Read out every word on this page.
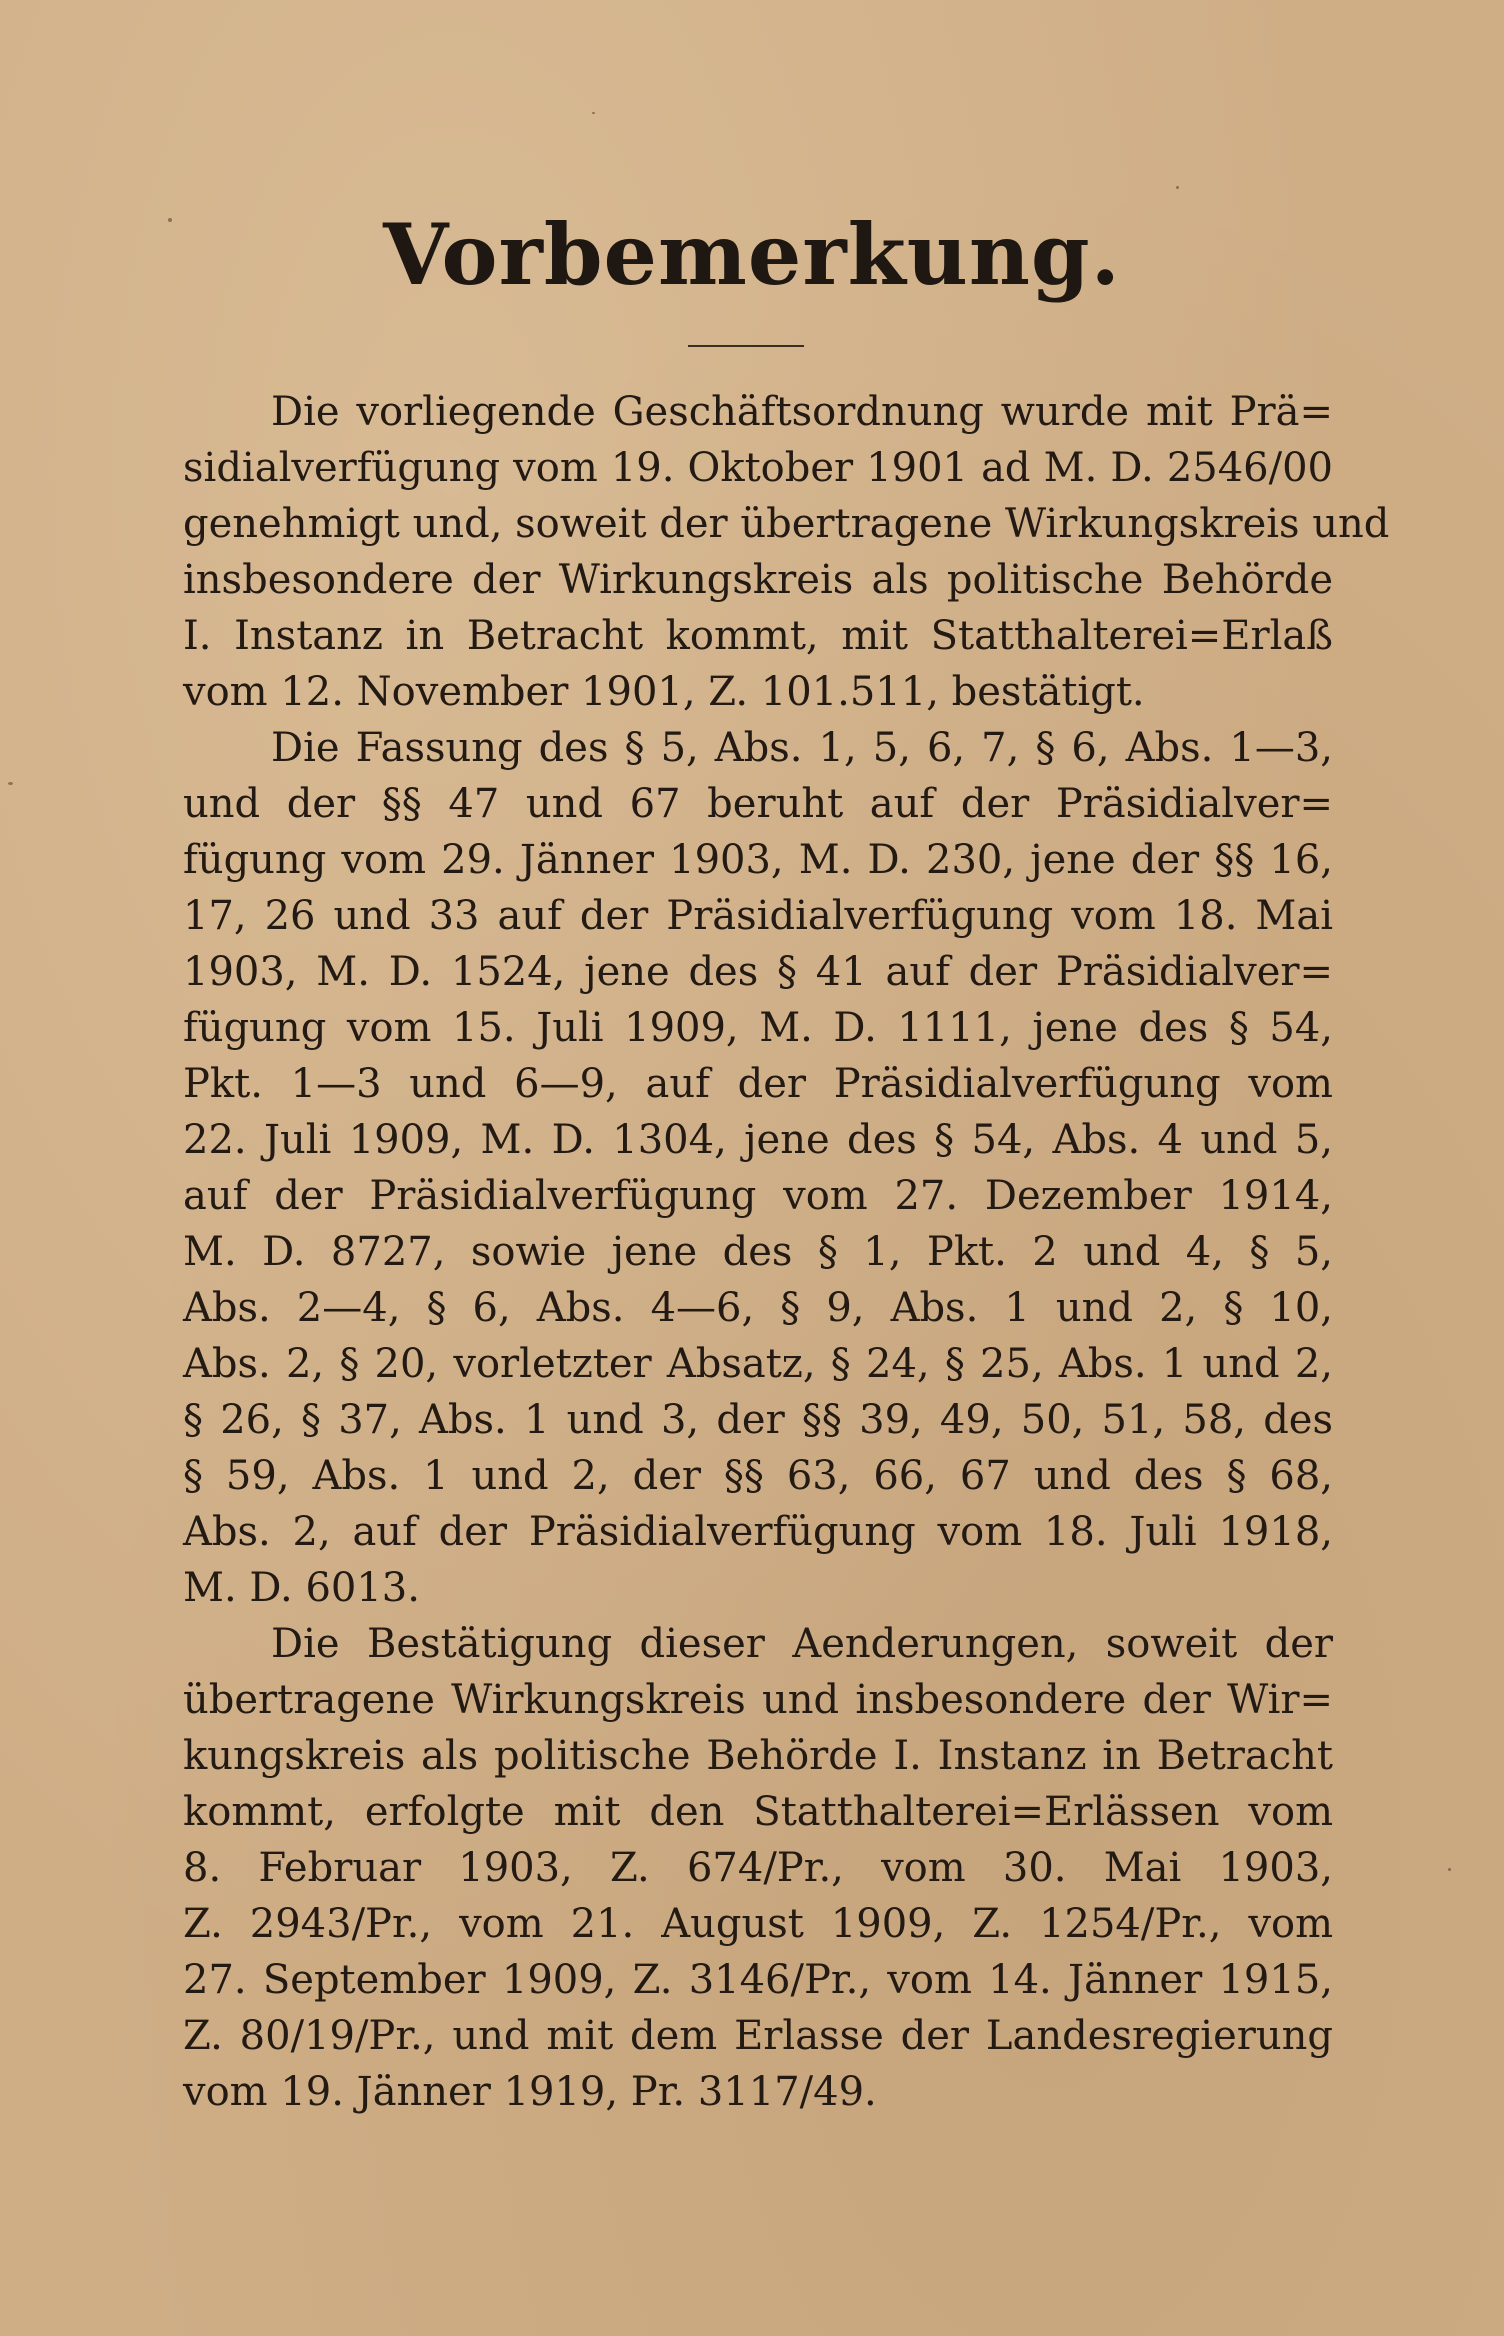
Vorbemerkung.
Die vorliegende Geschäftsordnung wurde mit Prä=
sidialverfügung vom 19. Oktober 1901 ad M. D. 2546/00
genehmigt und, soweit der übertragene Wirkungskreis und
insbesondere der Wirkungskreis als politische Behörde
I. Instanz in Betracht kommt, mit Statthalterei=Erlaß
vom 12. November 1901, Z. 101.511, bestätigt.
Die Fassung des § 5, Abs. 1, 5, 6, 7, § 6, Abs. 1—3,
und der §§ 47 und 67 beruht auf der Präsidialver=
fügung vom 29. Jänner 1903, M. D. 230, jene der §§ 16,
17, 26 und 33 auf der Präsidialverfügung vom 18. Mai
1903, M. D. 1524, jene des § 41 auf der Präsidialver=
fügung vom 15. Juli 1909, M. D. 1111, jene des § 54,
Pkt. 1—3 und 6—9, auf der Präsidialverfügung vom
22. Juli 1909, M. D. 1304, jene des § 54, Abs. 4 und 5,
auf der Präsidialverfügung vom 27. Dezember 1914,
M. D. 8727, sowie jene des § 1, Pkt. 2 und 4, § 5,
Abs. 2—4, § 6, Abs. 4—6, § 9, Abs. 1 und 2, § 10,
Abs. 2, § 20, vorletzter Absatz, § 24, § 25, Abs. 1 und 2,
§ 26, § 37, Abs. 1 und 3, der §§ 39, 49, 50, 51, 58, des
§ 59, Abs. 1 und 2, der §§ 63, 66, 67 und des § 68,
Abs. 2, auf der Präsidialverfügung vom 18. Juli 1918,
M. D. 6013.
Die Bestätigung dieser Aenderungen, soweit der
übertragene Wirkungskreis und insbesondere der Wir=
kungskreis als politische Behörde I. Instanz in Betracht
kommt, erfolgte mit den Statthalterei=Erlässen vom
8. Februar 1903, Z. 674/Pr., vom 30. Mai 1903,
Z. 2943/Pr., vom 21. August 1909, Z. 1254/Pr., vom
27. September 1909, Z. 3146/Pr., vom 14. Jänner 1915,
Z. 80/19/Pr., und mit dem Erlasse der Landesregierung
vom 19. Jänner 1919, Pr. 3117/49.
